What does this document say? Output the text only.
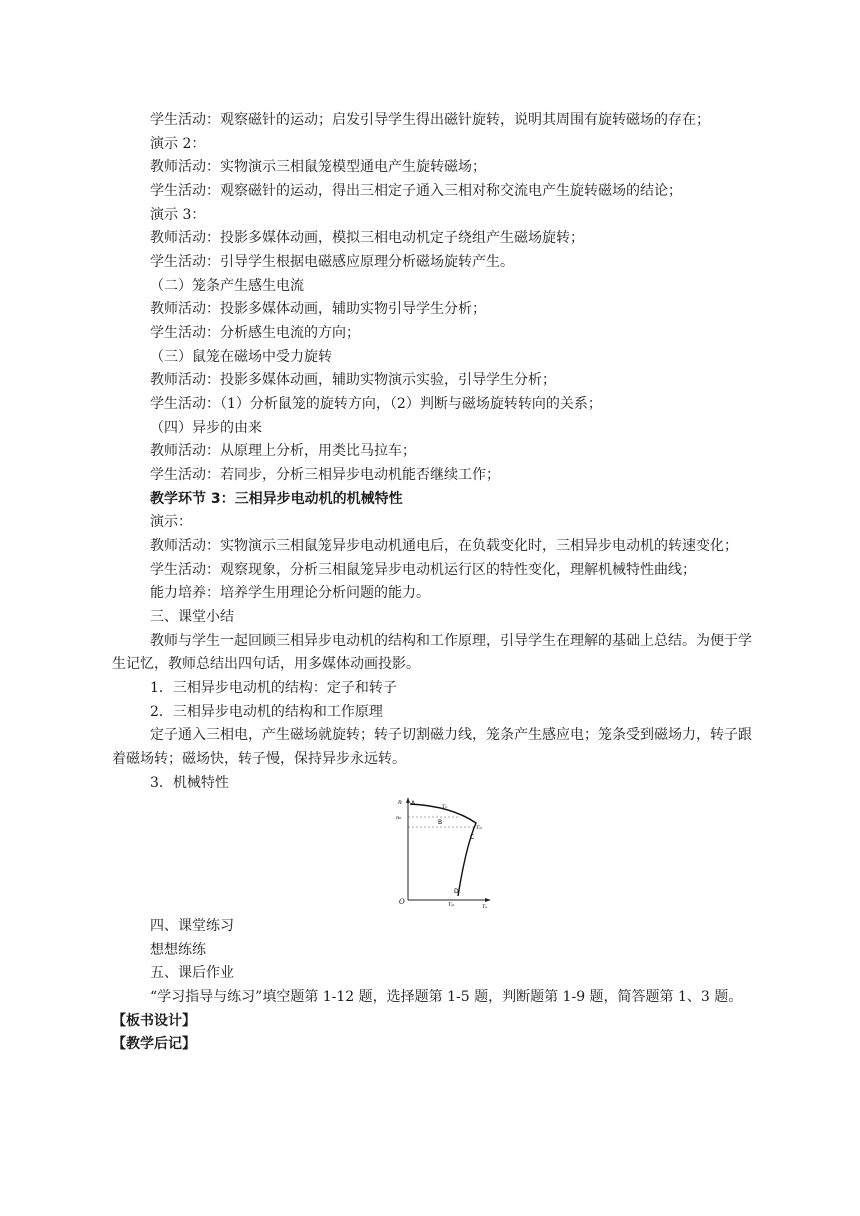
学生活动：观察磁针的运动；启发引导学生得出磁针旋转，说明其周围有旋转磁场的存在；
演示 2：
教师活动：实物演示三相鼠笼模型通电产生旋转磁场；
学生活动：观察磁针的运动，得出三相定子通入三相对称交流电产生旋转磁场的结论；
演示 3：
教师活动：投影多媒体动画，模拟三相电动机定子绕组产生磁场旋转；
学生活动：引导学生根据电磁感应原理分析磁场旋转产生。
（二）笼条产生感生电流
教师活动：投影多媒体动画，辅助实物引导学生分析；
学生活动：分析感生电流的方向；
（三）鼠笼在磁场中受力旋转
教师活动：投影多媒体动画，辅助实物演示实验，引导学生分析；
学生活动：（1）分析鼠笼的旋转方向，（2）判断与磁场旋转转向的关系；
（四）异步的由来
教师活动：从原理上分析，用类比马拉车；
学生活动：若同步，分析三相异步电动机能否继续工作；
教学环节 3：三相异步电动机的机械特性
演示：
教师活动：实物演示三相鼠笼异步电动机通电后，在负载变化时，三相异步电动机的转速变化；
学生活动：观察现象，分析三相鼠笼异步电动机运行区的特性变化，理解机械特性曲线；
能力培养：培养学生用理论分析问题的能力。
三、课堂小结
教师与学生一起回顾三相异步电动机的结构和工作原理，引导学生在理解的基础上总结。为便于学
生记忆，教师总结出四句话，用多媒体动画投影。
1．三相异步电动机的结构：定子和转子
2．三相异步电动机的结构和工作原理
定子通入三相电，产生磁场就旋转；转子切割磁力线，笼条产生感应电；笼条受到磁场力，转子跟
着磁场转；磁场快，转子慢，保持异步永远转。
3．机械特性
n
n₀
O
Tₑ
A
B
C
D
Tₙ
Tₘ
Tₛₜ
四、课堂练习
想想练练
五、课后作业
“学习指导与练习”填空题第 1-12 题，选择题第 1-5 题，判断题第 1-9 题，简答题第 1、3 题。
【板书设计】
【教学后记】
